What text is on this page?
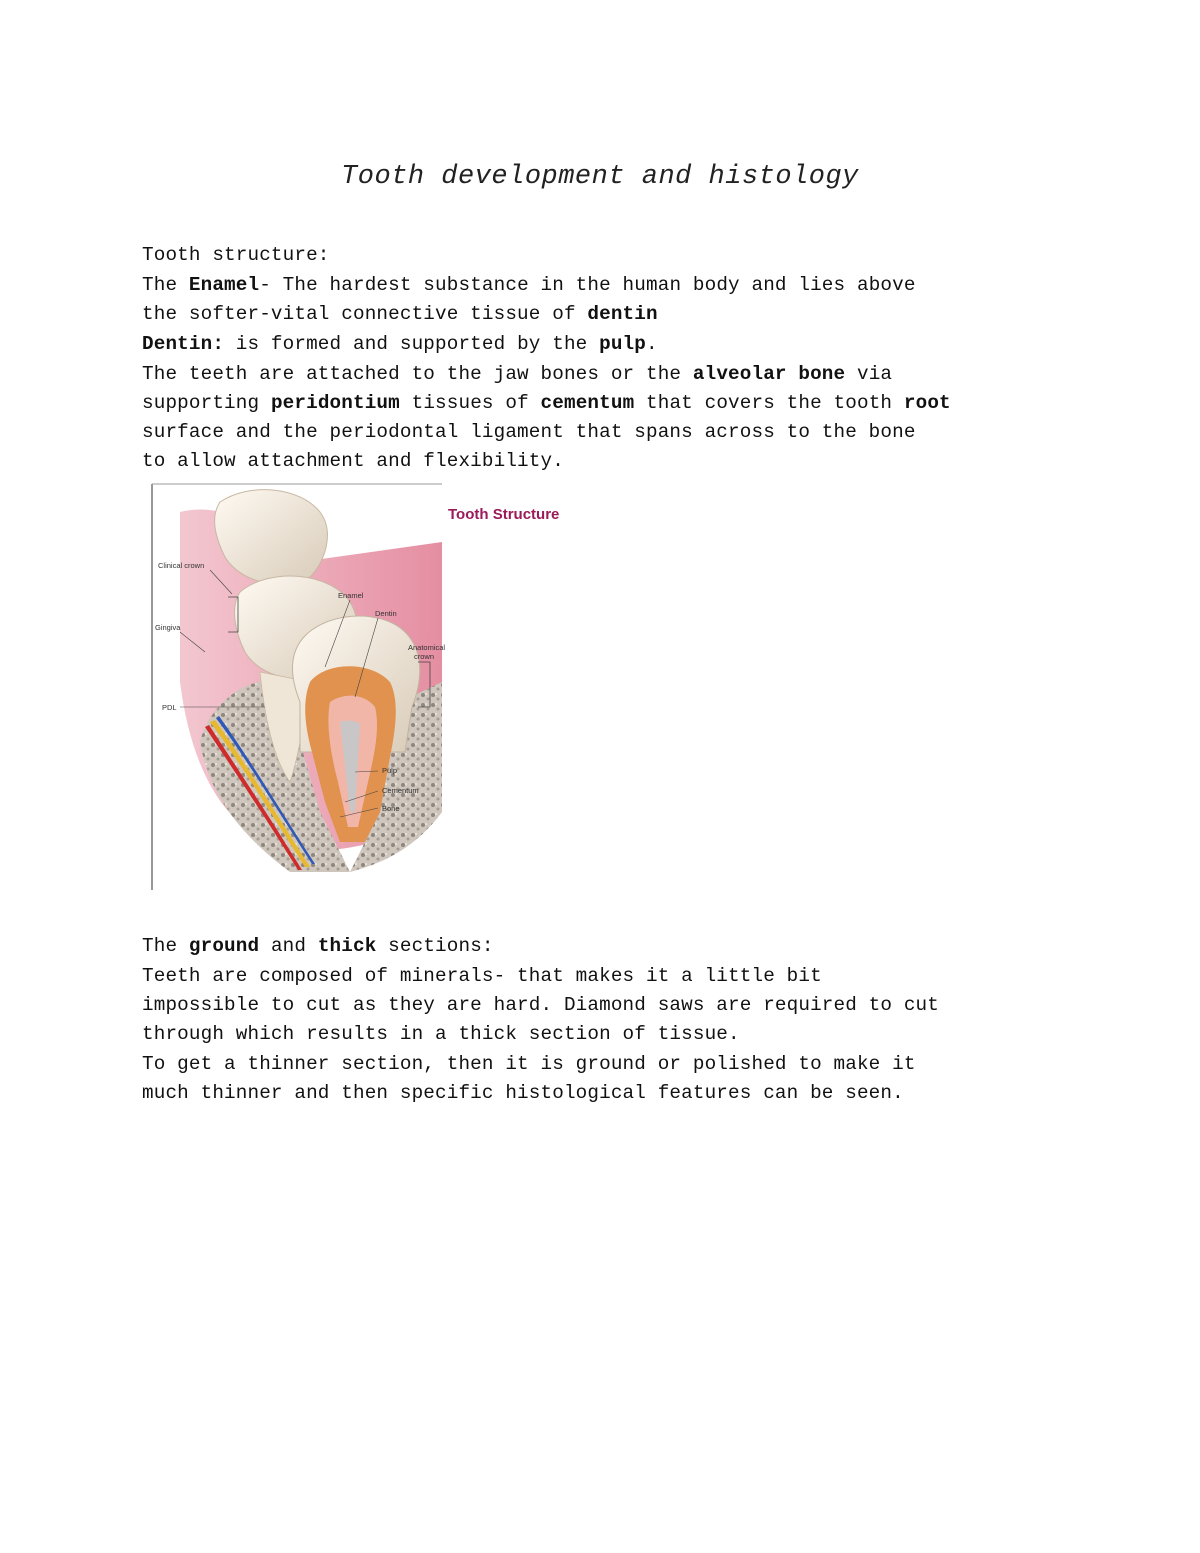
Tooth development and histology
Tooth structure:
The Enamel- The hardest substance in the human body and lies above
the softer-vital connective tissue of dentin
Dentin: is formed and supported by the pulp.
The teeth are attached to the jaw bones or the alveolar bone via
supporting peridontium tissues of cementum that covers the tooth root
surface and the periodontal ligament that spans across to the bone
to allow attachment and flexibility.
Clinical crown
Gingiva
PDL
Enamel
Dentin
Anatomical
crown
Pulp
Cementum
Bone
Tooth Structure
The ground and thick sections:
Teeth are composed of minerals- that makes it a little bit
impossible to cut as they are hard. Diamond saws are required to cut
through which results in a thick section of tissue.
To get a thinner section, then it is ground or polished to make it
much thinner and then specific histological features can be seen.
